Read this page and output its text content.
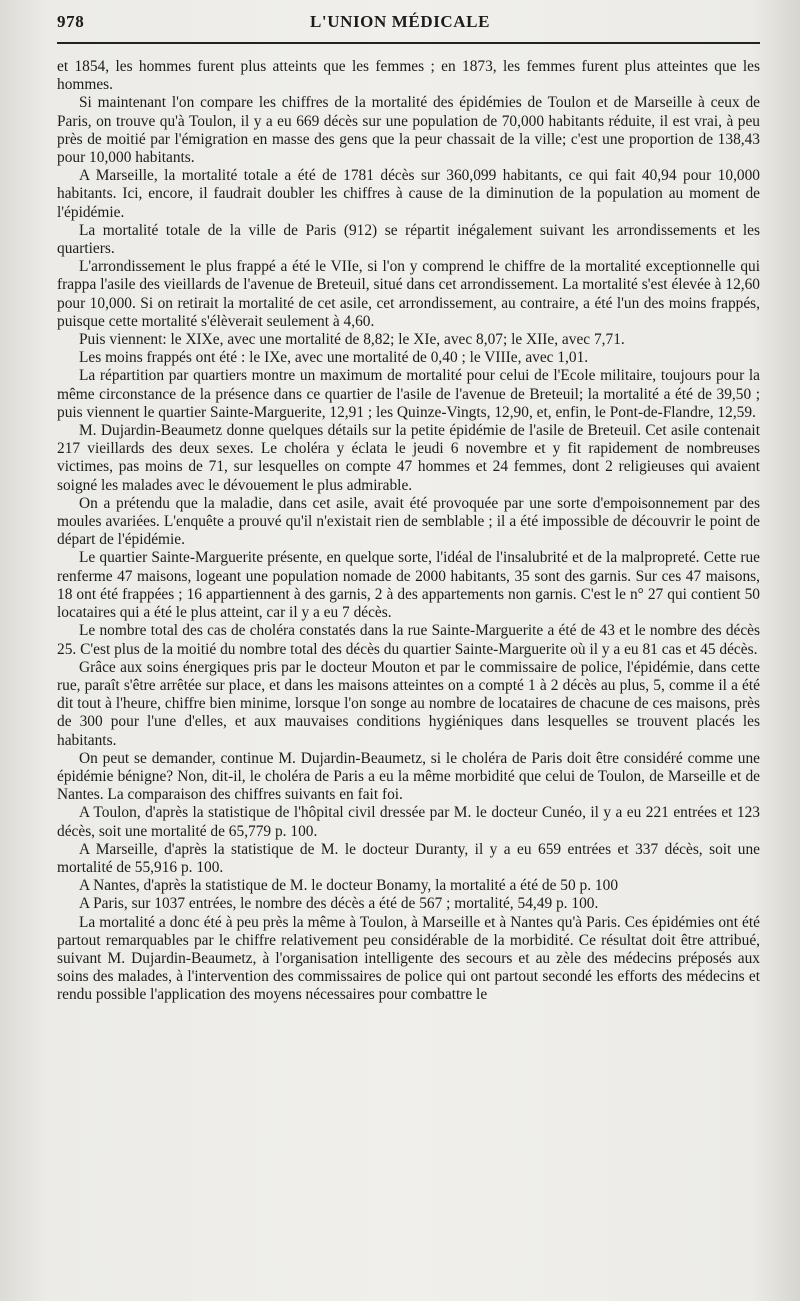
978	L'UNION MÉDICALE

et 1854, les hommes furent plus atteints que les femmes ; en 1873, les femmes furent plus atteintes que les hommes.

Si maintenant l'on compare les chiffres de la mortalité des épidémies de Toulon et de Marseille à ceux de Paris, on trouve qu'à Toulon, il y a eu 669 décès sur une population de 70,000 habitants réduite, il est vrai, à peu près de moitié par l'émigration en masse des gens que la peur chassait de la ville; c'est une proportion de 138,43 pour 10,000 habitants.

A Marseille, la mortalité totale a été de 1781 décès sur 360,099 habitants, ce qui fait 40,94 pour 10,000 habitants. Ici, encore, il faudrait doubler les chiffres à cause de la diminution de la population au moment de l'épidémie.

La mortalité totale de la ville de Paris (912) se répartit inégalement suivant les arrondissements et les quartiers.

L'arrondissement le plus frappé a été le VIIe, si l'on y comprend le chiffre de la mortalité exceptionnelle qui frappa l'asile des vieillards de l'avenue de Breteuil, situé dans cet arrondissement. La mortalité s'est élevée à 12,60 pour 10,000. Si on retirait la mortalité de cet asile, cet arrondissement, au contraire, a été l'un des moins frappés, puisque cette mortalité s'élèverait seulement à 4,60.

Puis viennent: le XIXe, avec une mortalité de 8,82; le XIe, avec 8,07; le XIIe, avec 7,71.

Les moins frappés ont été : le IXe, avec une mortalité de 0,40 ; le VIIIe, avec 1,01.

La répartition par quartiers montre un maximum de mortalité pour celui de l'Ecole militaire, toujours pour la même circonstance de la présence dans ce quartier de l'asile de l'avenue de Breteuil; la mortalité a été de 39,50 ; puis viennent le quartier Sainte-Marguerite, 12,91 ; les Quinze-Vingts, 12,90, et, enfin, le Pont-de-Flandre, 12,59.

M. Dujardin-Beaumetz donne quelques détails sur la petite épidémie de l'asile de Breteuil. Cet asile contenait 217 vieillards des deux sexes. Le choléra y éclata le jeudi 6 novembre et y fit rapidement de nombreuses victimes, pas moins de 71, sur lesquelles on compte 47 hommes et 24 femmes, dont 2 religieuses qui avaient soigné les malades avec le dévouement le plus admirable.

On a prétendu que la maladie, dans cet asile, avait été provoquée par une sorte d'empoisonnement par des moules avariées. L'enquête a prouvé qu'il n'existait rien de semblable ; il a été impossible de découvrir le point de départ de l'épidémie.

Le quartier Sainte-Marguerite présente, en quelque sorte, l'idéal de l'insalubrité et de la malpropreté. Cette rue renferme 47 maisons, logeant une population nomade de 2000 habitants, 35 sont des garnis. Sur ces 47 maisons, 18 ont été frappées ; 16 appartiennent à des garnis, 2 à des appartements non garnis. C'est le n° 27 qui contient 50 locataires qui a été le plus atteint, car il y a eu 7 décès.

Le nombre total des cas de choléra constatés dans la rue Sainte-Marguerite a été de 43 et le nombre des décès 25. C'est plus de la moitié du nombre total des décès du quartier Sainte-Marguerite où il y a eu 81 cas et 45 décès.

Grâce aux soins énergiques pris par le docteur Mouton et par le commissaire de police, l'épidémie, dans cette rue, paraît s'être arrêtée sur place, et dans les maisons atteintes on a compté 1 à 2 décès au plus, 5, comme il a été dit tout à l'heure, chiffre bien minime, lorsque l'on songe au nombre de locataires de chacune de ces maisons, près de 300 pour l'une d'elles, et aux mauvaises conditions hygiéniques dans lesquelles se trouvent placés les habitants.

On peut se demander, continue M. Dujardin-Beaumetz, si le choléra de Paris doit être considéré comme une épidémie bénigne? Non, dit-il, le choléra de Paris a eu la même morbidité que celui de Toulon, de Marseille et de Nantes. La comparaison des chiffres suivants en fait foi.

A Toulon, d'après la statistique de l'hôpital civil dressée par M. le docteur Cunéo, il y a eu 221 entrées et 123 décès, soit une mortalité de 65,779 p. 100.

A Marseille, d'après la statistique de M. le docteur Duranty, il y a eu 659 entrées et 337 décès, soit une mortalité de 55,916 p. 100.

A Nantes, d'après la statistique de M. le docteur Bonamy, la mortalité a été de 50 p. 100

A Paris, sur 1037 entrées, le nombre des décès a été de 567 ; mortalité, 54,49 p. 100.

La mortalité a donc été à peu près la même à Toulon, à Marseille et à Nantes qu'à Paris. Ces épidémies ont été partout remarquables par le chiffre relativement peu considérable de la morbidité. Ce résultat doit être attribué, suivant M. Dujardin-Beaumetz, à l'organisation intelligente des secours et au zèle des médecins préposés aux soins des malades, à l'intervention des commissaires de police qui ont partout secondé les efforts des médecins et rendu possible l'application des moyens nécessaires pour combattre le
